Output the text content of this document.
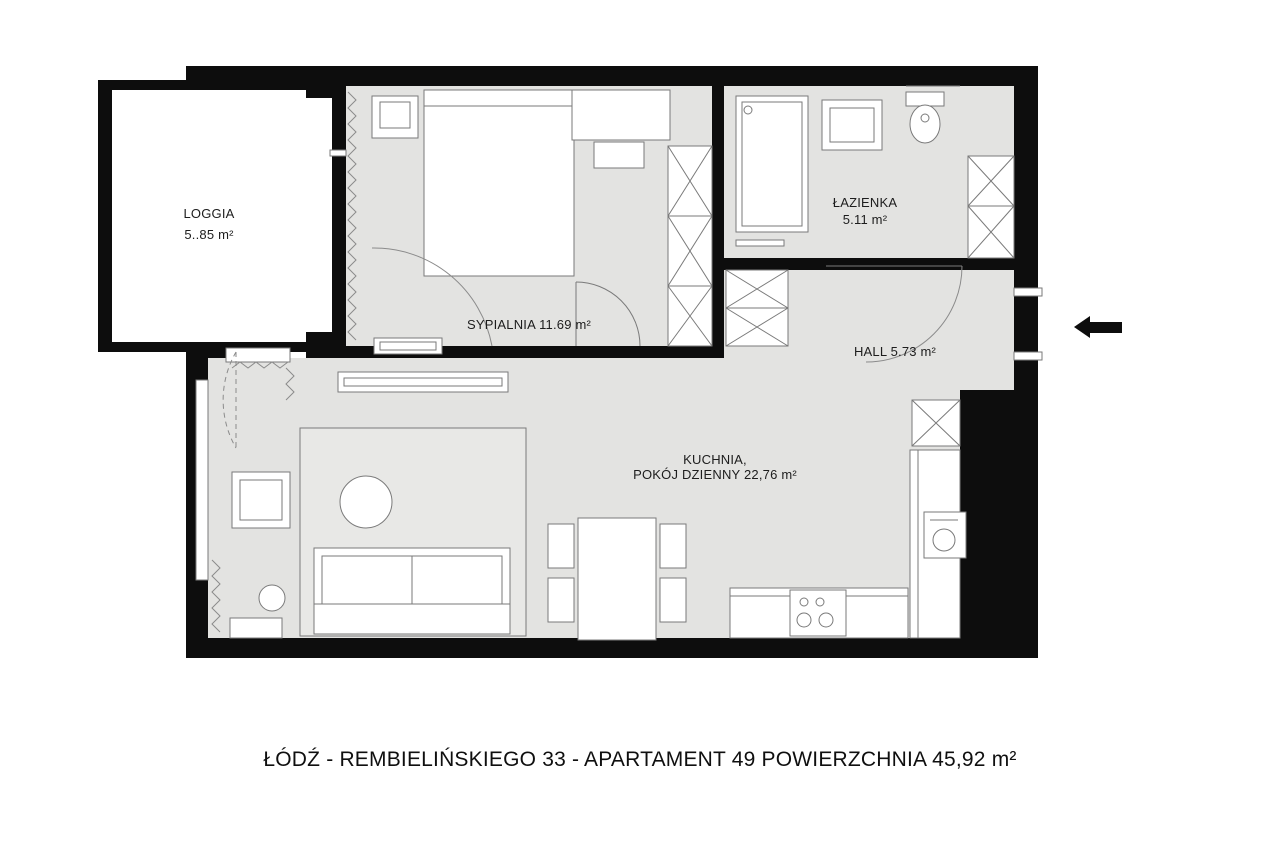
LOGGIA
5..85 m²
SYPIALNIA 11.69 m²
ŁAZIENKA
5.11 m²
HALL 5.73 m²
KUCHNIA,
POKÓJ DZIENNY 22,76 m²
ŁÓDŹ - REMBIELIŃSKIEGO 33 - APARTAMENT 49 POWIERZCHNIA 45,92 m²
